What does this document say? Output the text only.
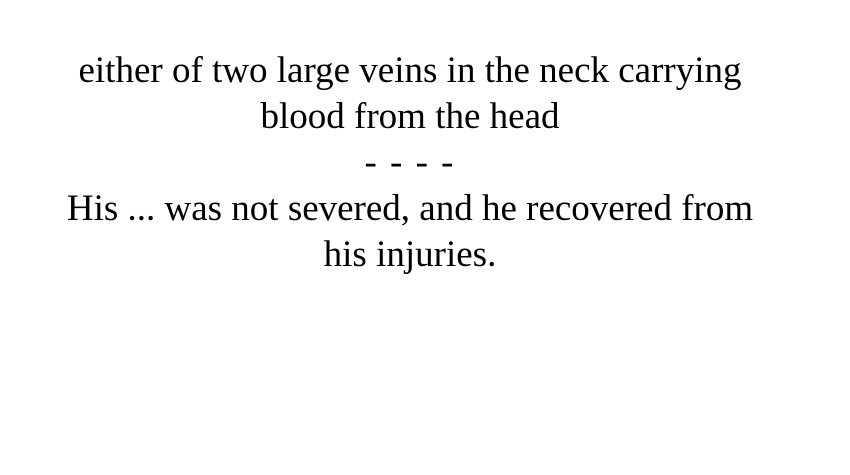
either of two large veins in the neck carrying
blood from the head

- - - -

His ... was not severed, and he recovered from
his injuries.
